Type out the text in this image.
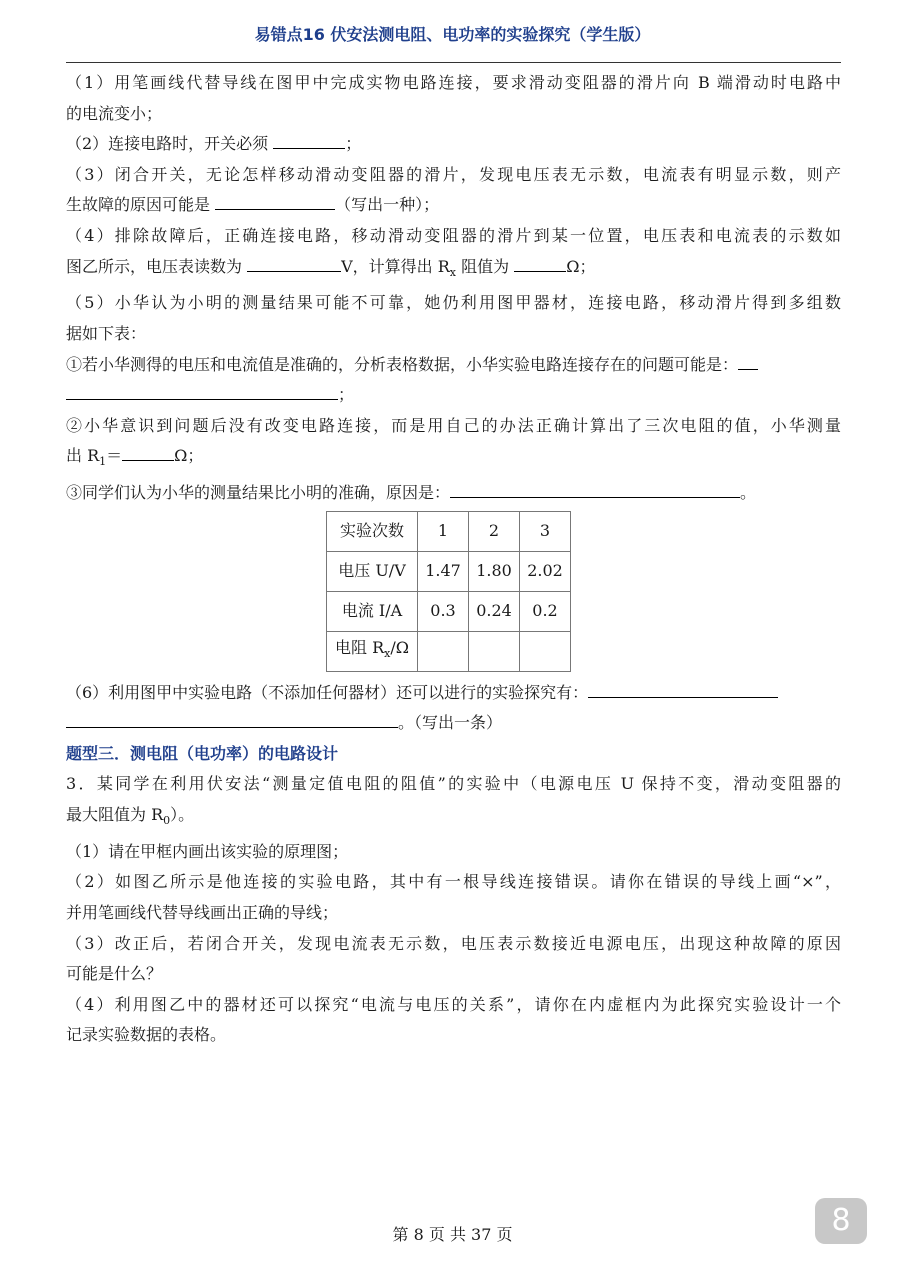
易错点16 伏安法测电阻、电功率的实验探究（学生版）
（1）用笔画线代替导线在图甲中完成实物电路连接，要求滑动变阻器的滑片向 B 端滑动时电路中
的电流变小；
（2）连接电路时，开关必须	；
（3）闭合开关，无论怎样移动滑动变阻器的滑片，发现电压表无示数，电流表有明显示数，则产
生故障的原因可能是	（写出一种）；
（4）排除故障后，正确连接电路，移动滑动变阻器的滑片到某一位置，电压表和电流表的示数如
图乙所示，电压表读数为	V，计算得出 $R_x$ 阻值为	Ω；
（5）小华认为小明的测量结果可能不可靠，她仍利用图甲器材，连接电路，移动滑片得到多组数
据如下表：
①若小华测得的电压和电流值是准确的，分析表格数据，小华实验电路连接存在的问题可能是：
；
②小华意识到问题后没有改变电路连接，而是用自己的办法正确计算出了三次电阻的值，小华测量
出 $R_1=$	Ω；
③同学们认为小华的测量结果比小明的准确，原因是：	。
实验次数	1	2	3
电压 U/V	1.47	1.80	2.02
电流 I/A	0.3	0.24	0.2
电阻 $R_x/\Omega$			
（6）利用图甲中实验电路（不添加任何器材）还可以进行的实验探究有：
。（写出一条）
题型三．测电阻（电功率）的电路设计
3．某同学在利用伏安法“测量定值电阻的阻值”的实验中（电源电压 U 保持不变，滑动变阻器的
最大阻值为 $R_0$）。
（1）请在甲框内画出该实验的原理图；
（2）如图乙所示是他连接的实验电路，其中有一根导线连接错误。请你在错误的导线上画“×”，
并用笔画线代替导线画出正确的导线；
（3）改正后，若闭合开关，发现电流表无示数，电压表示数接近电源电压，出现这种故障的原因
可能是什么？
（4）利用图乙中的器材还可以探究“电流与电压的关系”，请你在内虚框内为此探究实验设计一个
记录实验数据的表格。
第 8 页 共 37 页	8
